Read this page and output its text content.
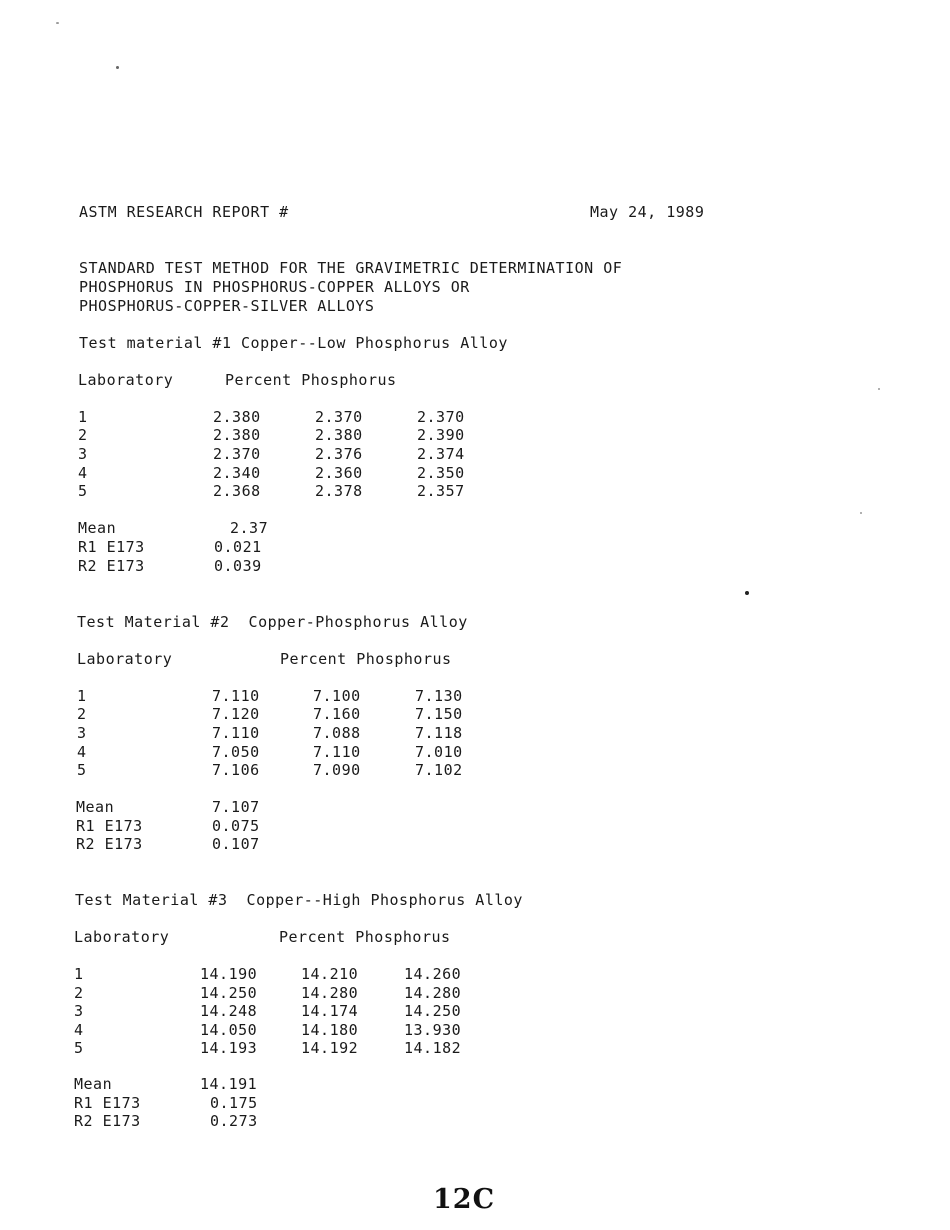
ASTM RESEARCH REPORT #	May 24, 1989
STANDARD TEST METHOD FOR THE GRAVIMETRIC DETERMINATION OF
PHOSPHORUS IN PHOSPHORUS-COPPER ALLOYS OR
PHOSPHORUS-COPPER-SILVER ALLOYS
Test material #1 Copper--Low Phosphorus Alloy
Laboratory	Percent Phosphorus
1	2.380	2.370	2.370
2	2.380	2.380	2.390
3	2.370	2.376	2.374
4	2.340	2.360	2.350
5	2.368	2.378	2.357
Mean	2.37
R1 E173	0.021
R2 E173	0.039
Test Material #2  Copper-Phosphorus Alloy
Laboratory	Percent Phosphorus
1	7.110	7.100	7.130
2	7.120	7.160	7.150
3	7.110	7.088	7.118
4	7.050	7.110	7.010
5	7.106	7.090	7.102
Mean	7.107
R1 E173	0.075
R2 E173	0.107
Test Material #3  Copper--High Phosphorus Alloy
Laboratory	Percent Phosphorus
1	14.190	14.210	14.260
2	14.250	14.280	14.280
3	14.248	14.174	14.250
4	14.050	14.180	13.930
5	14.193	14.192	14.182
Mean	14.191
R1 E173	0.175
R2 E173	0.273
12C
